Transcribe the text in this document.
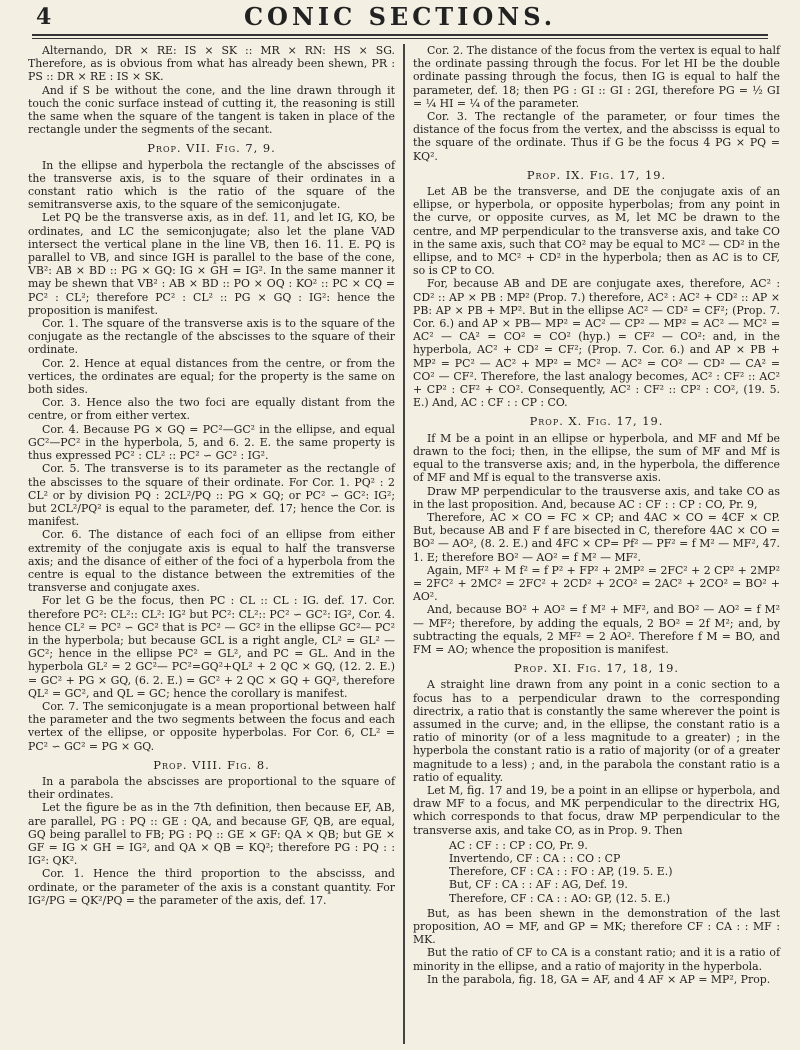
4	CONIC SECTIONS.

Alternando, DR × RE: IS × SK :: MR × RN: HS × SG. Therefore, as is obvious from what has already been shewn, PR : PS :: DR × RE : IS × SK.

And if S be without the cone, and the line drawn through it touch the conic surface instead of cutting it, the reasoning is still the same when the square of the tangent is taken in place of the rectangle under the segments of the secant.

Prop. VII. Fig. 7, 9.

In the ellipse and hyperbola the rectangle of the abscisses of the transverse axis, is to the square of their ordinates in a constant ratio which is the ratio of the square of the semitransverse axis, to the square of the semiconjugate.

Let PQ be the transverse axis, as in def. 11, and let IG, KO, be ordinates, and LC the semiconjugate; also let the plane VAD intersect the vertical plane in the line VB, then 16. 11. E. PQ is parallel to VB, and since IGH is parallel to the base of the cone, VB²: AB × BD :: PG × GQ: IG × GH = IG². In the same manner it may be shewn that VB² : AB × BD :: PO × OQ : KO² :: PC × CQ = PC² : CL²; therefore PC² : CL² :: PG × GQ : IG²: hence the proposition is manifest.

Cor. 1. The square of the transverse axis is to the square of the conjugate as the rectangle of the abscisses to the square of their ordinate.

Cor. 2. Hence at equal distances from the centre, or from the vertices, the ordinates are equal; for the property is the same on both sides.

Cor. 3. Hence also the two foci are equally distant from the centre, or from either vertex.

Cor. 4. Because PG × GQ = PC²—GC² in the ellipse, and equal GC²—PC² in the hyperbola, 5, and 6. 2. E. the same property is thus expressed PC² : CL² :: PC² ∽ GC² : IG².

Cor. 5. The transverse is to its parameter as the rectangle of the abscisses to the square of their ordinate. For Cor. 1. PQ² : 2 CL² or by division PQ : 2CL²/PQ :: PG × GQ; or PC² ∽ GC²: IG²; but 2CL²/PQ² is equal to the parameter, def. 17; hence the Cor. is manifest.

Cor. 6. The distance of each foci of an ellipse from either extremity of the conjugate axis is equal to half the transverse axis; and the disance of either of the foci of a hyperbola from the centre is equal to the distance between the extremities of the transverse and conjugate axes.

For let G be the focus, then PC : CL :: CL : IG. def. 17. Cor. therefore PC²: CL²:: CL²: IG² but PC²: CL²:: PC² ∽ GC²: IG², Cor. 4. hence CL² = PC² ∽ GC² that is PC² — GC² in the ellipse GC²— PC² in the hyperbola; but because GCL is a right angle, CL² = GL² — GC²; hence in the ellipse PC² = GL², and PC = GL. And in the hyperbola GL² = 2 GC²— PC²=GQ²+QL² + 2 QC × GQ, (12. 2. E.) = GC² + PG × GQ, (6. 2. E.) = GC² + 2 QC × GQ + GQ², therefore QL² = GC², and QL = GC; hence the corollary is manifest.

Cor. 7. The semiconjugate is a mean proportional between half the parameter and the two segments between the focus and each vertex of the ellipse, or opposite hyperbolas. For Cor. 6, CL² = PC² ∽ GC² = PG × GQ.

Prop. VIII. Fig. 8.

In a parabola the abscisses are proportional to the square of their ordinates.

Let the figure be as in the 7th definition, then because EF, AB, are parallel, PG : PQ :: GE : QA, and because GF, QB, are equal, GQ being parallel to FB; PG : PQ :: GE × GF: QA × QB; but GE × GF = IG × GH = IG², and QA × QB = KQ²; therefore PG : PQ : : IG²: QK².

Cor. 1. Hence the third proportion to the abscisss, and ordinate, or the parameter of the axis is a constant quantity. For IG²/PG = QK²/PQ = the parameter of the axis, def. 17.

Cor. 2. The distance of the focus from the vertex is equal to half the ordinate passing through the focus. For let HI be the double ordinate passing through the focus, then IG is equal to half the parameter, def. 18; then PG : GI :: GI : 2GI, therefore PG = ½ GI = ¼ HI = ¼ of the parameter.

Cor. 3. The rectangle of the parameter, or four times the distance of the focus from the vertex, and the abscisss is equal to the square of the ordinate. Thus if G be the focus 4 PG × PQ = KQ².

Prop. IX. Fig. 17, 19.

Let AB be the transverse, and DE the conjugate axis of an ellipse, or hyperbola, or opposite hyperbolas; from any point in the curve, or opposite curves, as M, let MC be drawn to the centre, and MP perpendicular to the transverse axis, and take CO in the same axis, such that CO² may be equal to MC² — CD² in the ellipse, and to MC² + CD² in the hyperbola; then as AC is to CF, so is CP to CO.

For, because AB and DE are conjugate axes, therefore, AC² : CD² :: AP × PB : MP² (Prop. 7.) therefore, AC² : AC² + CD² :: AP × PB: AP × PB + MP². But in the ellipse AC² — CD² = CF²; (Prop. 7. Cor. 6.) and AP × PB— MP² = AC² — CP² — MP² = AC² — MC² = AC² — CA² = CO² = CO² (hyp.) = CF² — CO²: and, in the hyperbola, AC² + CD² = CF²; (Prop. 7. Cor. 6.) and AP × PB + MP² = PC² — AC² + MP² = MC² — AC² = CO² — CD² — CA² = CO² — CF². Therefore, the last analogy becomes, AC² : CF² :: AC² + CP² : CF² + CO². Consequently, AC² : CF² :: CP² : CO², (19. 5. E.) And, AC : CF : : CP : CO.

Prop. X. Fig. 17, 19.

If M be a point in an ellipse or hyperbola, and MF and Mf be drawn to the foci; then, in the ellipse, the sum of MF and Mf is equal to the transverse axis; and, in the hyperbola, the difference of MF and Mf is equal to the transverse axis.

Draw MP perpendicular to the trausverse axis, and take CO as in the last proposition. And, because AC : CF : : CP : CO, Pr. 9,

Therefore, AC × CO = FC × CP; and 4AC × CO = 4CF × CP. But, because AB and F f are bisected in C, therefore 4AC × CO = BO² — AO², (8. 2. E.) and 4FC × CP= Pf² — PF² = f M² — MF², 47. 1. E; therefore BO² — AO² = f M² — MF².

Again, MF² + M f² = f P² + FP² + 2MP² = 2FC² + 2 CP² + 2MP² = 2FC² + 2MC² = 2FC² + 2CD² + 2CO² = 2AC² + 2CO² = BO² + AO².

And, because BO² + AO² = f M² + MF², and BO² — AO² = f M² — MF²; therefore, by adding the equals, 2 BO² = 2f M²; and, by subtracting the equals, 2 MF² = 2 AO². Therefore f M = BO, and FM = AO; whence the proposition is manifest.

Prop. XI. Fig. 17, 18, 19.

A straight line drawn from any point in a conic section to a focus has to a perpendicular drawn to the corresponding directrix, a ratio that is constantly the same wherever the point is assumed in the curve; and, in the ellipse, the constant ratio is a ratio of minority (or of a less magnitude to a greater) ; in the hyperbola the constant ratio is a ratio of majority (or of a greater magnitude to a less) ; and, in the parabola the constant ratio is a ratio of equality.

Let M, fig. 17 and 19, be a point in an ellipse or hyperbola, and draw MF to a focus, and MK perpendicular to the directrix HG, which corresponds to that focus, draw MP perpendicular to the transverse axis, and take CO, as in Prop. 9. Then

AC : CF : : CP : CO, Pr. 9.
Invertendo, CF : CA : : CO : CP
Therefore, CF : CA : : FO : AP, (19. 5. E.)
But, CF : CA : : AF : AG, Def. 19.
Therefore, CF : CA : : AO: GP, (12. 5. E.)

But, as has been shewn in the demonstration of the last proposition, AO = MF, and GP = MK; therefore CF : CA : : MF : MK.

But the ratio of CF to CA is a constant ratio; and it is a ratio of minority in the ellipse, and a ratio of majority in the hyperbola.

In the parabola, fig. 18, GA = AF, and 4 AF × AP = MP², Prop.
